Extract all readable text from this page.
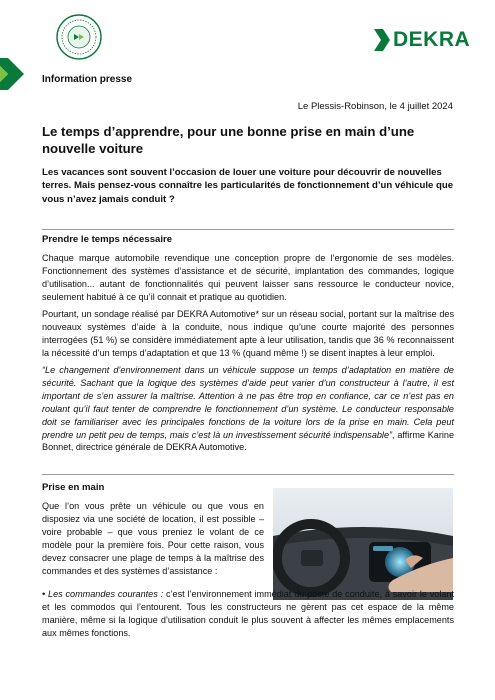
DEKRA
Information presse
Le Plessis-Robinson, le 4 juillet 2024
Le temps d’apprendre, pour une bonne prise en main d’une nouvelle voiture
Les vacances sont souvent l’occasion de louer une voiture pour découvrir de nouvelles terres. Mais pensez-vous connaître les particularités de fonctionnement d’un véhicule que vous n’avez jamais conduit ?
Prendre le temps nécessaire
Chaque marque automobile revendique une conception propre de l’ergonomie de ses modèles. Fonctionnement des systèmes d’assistance et de sécurité, implantation des commandes, logique d’utilisation... autant de fonctionnalités qui peuvent laisser sans ressource le conducteur novice, seulement habitué à ce qu’il connait et pratique au quotidien.
Pourtant, un sondage réalisé par DEKRA Automotive* sur un réseau social, portant sur la maîtrise des nouveaux systèmes d’aide à la conduite, nous indique qu’une courte majorité des personnes interrogées (51 %) se considère immédiatement apte à leur utilisation, tandis que 36 % reconnaissent la nécessité d’un temps d’adaptation et que 13 % (quand même !) se disent inaptes à leur emploi.
“Le changement d’environnement dans un véhicule suppose un temps d’adaptation en matière de sécurité. Sachant que la logique des systèmes d’aide peut varier d’un constructeur à l’autre, il est important de s’en assurer la maîtrise. Attention à ne pas être trop en confiance, car ce n’est pas en roulant qu’il faut tenter de comprendre le fonctionnement d’un système. Le conducteur responsable doit se familiariser avec les principales fonctions de la voiture lors de la prise en main. Cela peut prendre un petit peu de temps, mais c’est là un investissement sécurité indispensable”, affirme Karine Bonnet, directrice générale de DEKRA Automotive.
Prise en main
Que l’on vous prête un véhicule ou que vous en disposiez via une société de location, il est possible – voire probable – que vous preniez le volant de ce modèle pour la première fois. Pour cette raison, vous devez consacrer une plage de temps à la maîtrise des commandes et des systèmes d’assistance :
• Les commandes courantes : c’est l’environnement immédiat du poste de conduite, à savoir le volant et les commodos qui l’entourent. Tous les constructeurs ne gèrent pas cet espace de la même manière, même si la logique d’utilisation conduit le plus souvent à affecter les mêmes emplacements aux mêmes fonctions.
